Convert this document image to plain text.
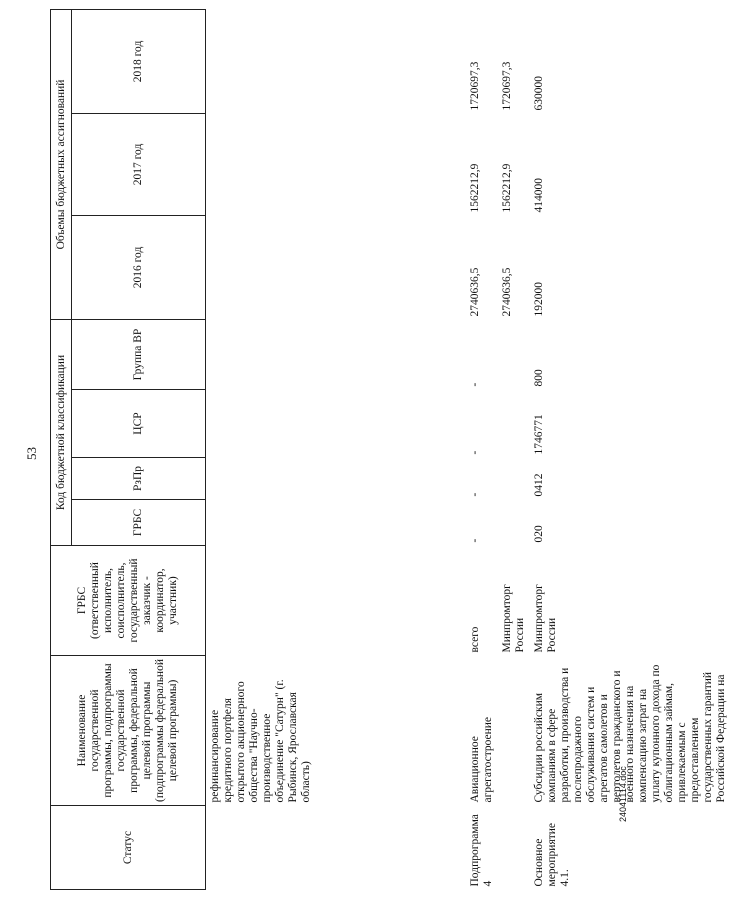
53
Статус	Наименование государственной программы, подпрограммы государственной программы, федеральной целевой программы (подпрограммы федеральной целевой программы)	ГРБС (ответственный исполнитель, соисполнитель, государственный заказчик - координатор, участник)	Код бюджетной классификации				Объемы бюджетных ассигнований		
			ГРБС	РзПр	ЦСР	Группа ВР	2016 год	2017 год	2018 год
	рефинансирование кредитного портфеля открытого акционерного общества "Научно-производственное объединение "Сатурн" (г. Рыбинск, Ярославская область)								
Подпрограмма 4	Авиационное агрегатостроение	всего	-	-	-	-	2740636,5	1562212,9	1720697,3
		Минпромторг России					2740636,5	1562212,9	1720697,3
Основное мероприятие 4.1.	Субсидии российским компаниям в сфере разработки, производства и послепродажного обслуживания систем и агрегатов самолетов и вертолетов гражданского и военного назначения на компенсацию затрат на уплату купонного дохода по облигационным займам, привлекаемым с предоставлением государственных гарантий Российской Федерации на	Минпромторг России	020	0412	1746771	800	192000	414000	630000
24041114.doc
